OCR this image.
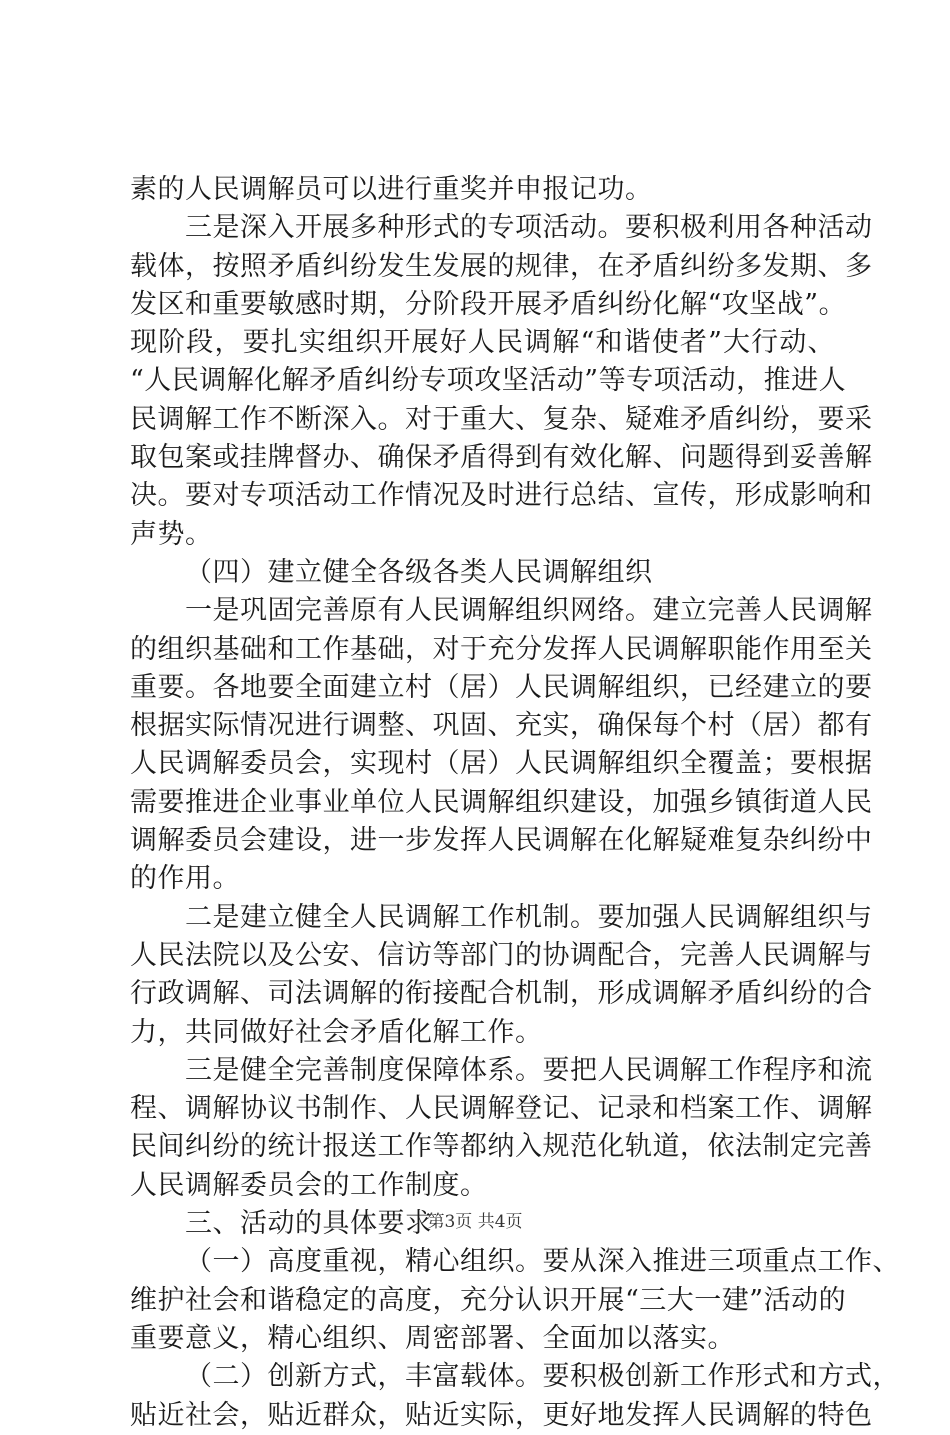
素的人民调解员可以进行重奖并申报记功。
三是深入开展多种形式的专项活动。要积极利用各种活动
载体，按照矛盾纠纷发生发展的规律，在矛盾纠纷多发期、多
发区和重要敏感时期，分阶段开展矛盾纠纷化解“攻坚战”。
现阶段，要扎实组织开展好人民调解“和谐使者”大行动、
“人民调解化解矛盾纠纷专项攻坚活动”等专项活动，推进人
民调解工作不断深入。对于重大、复杂、疑难矛盾纠纷，要采
取包案或挂牌督办、确保矛盾得到有效化解、问题得到妥善解
决。要对专项活动工作情况及时进行总结、宣传，形成影响和
声势。
（四）建立健全各级各类人民调解组织
一是巩固完善原有人民调解组织网络。建立完善人民调解
的组织基础和工作基础，对于充分发挥人民调解职能作用至关
重要。各地要全面建立村（居）人民调解组织，已经建立的要
根据实际情况进行调整、巩固、充实，确保每个村（居）都有
人民调解委员会，实现村（居）人民调解组织全覆盖；要根据
需要推进企业事业单位人民调解组织建设，加强乡镇街道人民
调解委员会建设，进一步发挥人民调解在化解疑难复杂纠纷中
的作用。
二是建立健全人民调解工作机制。要加强人民调解组织与
人民法院以及公安、信访等部门的协调配合，完善人民调解与
行政调解、司法调解的衔接配合机制，形成调解矛盾纠纷的合
力，共同做好社会矛盾化解工作。
三是健全完善制度保障体系。要把人民调解工作程序和流
程、调解协议书制作、人民调解登记、记录和档案工作、调解
民间纠纷的统计报送工作等都纳入规范化轨道，依法制定完善
人民调解委员会的工作制度。
三、活动的具体要求
（一）高度重视，精心组织。要从深入推进三项重点工作、
维护社会和谐稳定的高度，充分认识开展“三大一建”活动的
重要意义，精心组织、周密部署、全面加以落实。
（二）创新方式，丰富载体。要积极创新工作形式和方式，
贴近社会，贴近群众，贴近实际，更好地发挥人民调解的特色
第3页 共4页
